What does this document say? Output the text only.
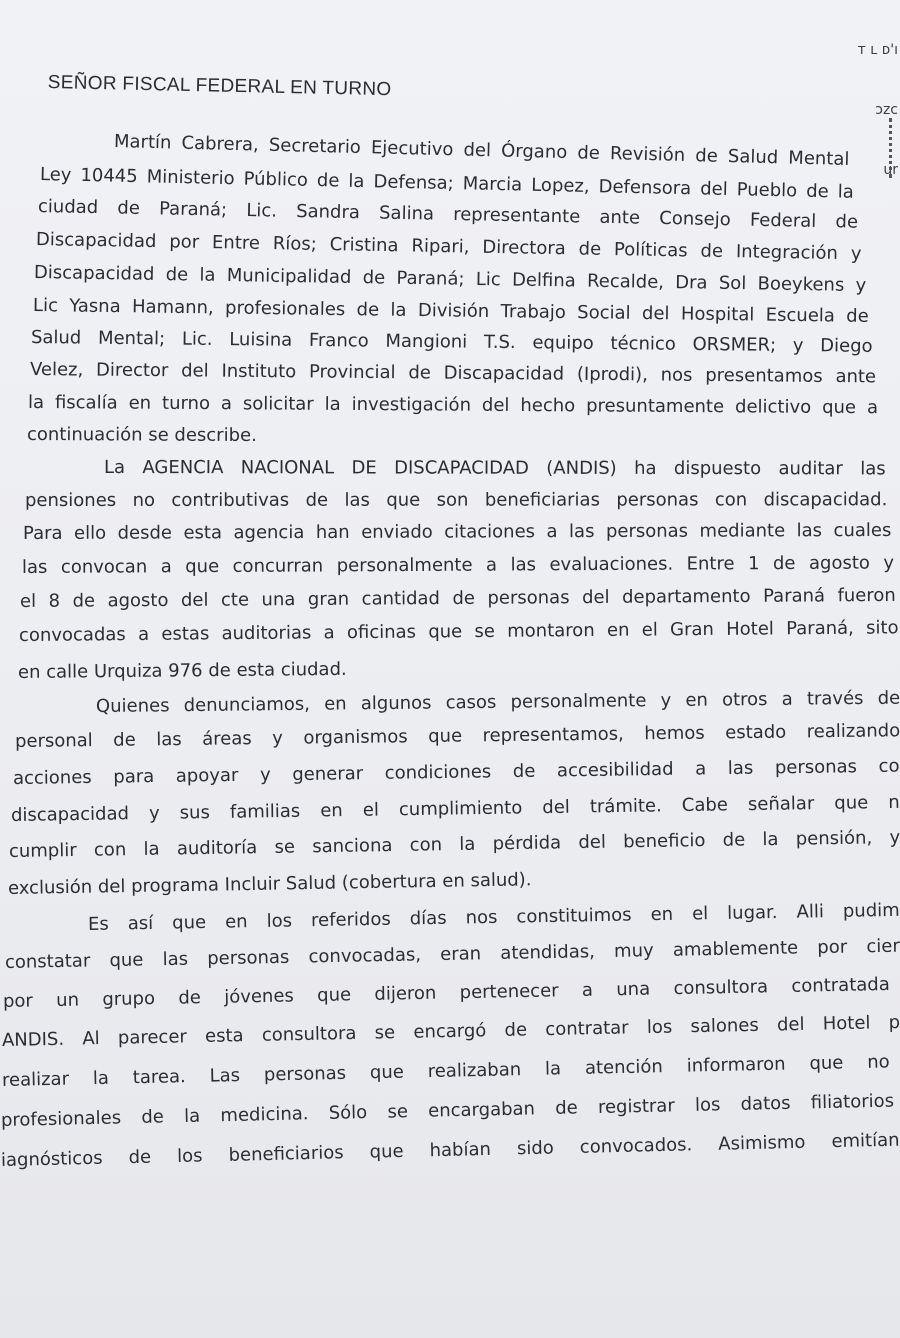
ᴛ ʟ ᴅ'ı

ɔzc

ur

SEÑOR FISCAL FEDERAL EN TURNO
Martín Cabrera, Secretario Ejecutivo del Órgano de Revisión de Salud Mental
Ley 10445 Ministerio Público de la Defensa; Marcia Lopez, Defensora del Pueblo de la
ciudad de Paraná; Lic. Sandra Salina representante ante Consejo Federal de
Discapacidad por Entre Ríos; Cristina Ripari, Directora de Políticas de Integración y
Discapacidad de la Municipalidad de Paraná; Lic Delfina Recalde, Dra Sol Boeykens y
Lic Yasna Hamann, profesionales de la División Trabajo Social del Hospital Escuela de
Salud Mental; Lic. Luisina Franco Mangioni T.S. equipo técnico ORSMER; y Diego
Velez, Director del Instituto Provincial de Discapacidad (Iprodi), nos presentamos ante
la fiscalía en turno a solicitar la investigación del hecho presuntamente delictivo que a
continuación se describe.
La AGENCIA NACIONAL DE DISCAPACIDAD (ANDIS) ha dispuesto auditar las
pensiones no contributivas de las que son beneficiarias personas con discapacidad.
Para ello desde esta agencia han enviado citaciones a las personas mediante las cuales
las convocan a que concurran personalmente a las evaluaciones. Entre 1 de agosto y
el 8 de agosto del cte una gran cantidad de personas del departamento Paraná fueron
convocadas a estas auditorias a oficinas que se montaron en el Gran Hotel Paraná, sito
en calle Urquiza 976 de esta ciudad.
Quienes denunciamos, en algunos casos personalmente y en otros a través de
personal de las áreas y organismos que representamos, hemos estado realizando
acciones para apoyar y generar condiciones de accesibilidad a las personas co
discapacidad y sus familias en el cumplimiento del trámite. Cabe señalar que n
cumplir con la auditoría se sanciona con la pérdida del beneficio de la pensión, y
exclusión del programa Incluir Salud (cobertura en salud).
Es así que en los referidos días nos constituimos en el lugar. Alli pudim
constatar que las personas convocadas, eran atendidas, muy amablemente por cier
por un grupo de jóvenes que dijeron pertenecer a una consultora contratada
ANDIS. Al parecer esta consultora se encargó de contratar los salones del Hotel p
realizar la tarea. Las personas que realizaban la atención informaron que no
profesionales de la medicina. Sólo se encargaban de registrar los datos filiatorios
iagnósticos de los beneficiarios que habían sido convocados. Asimismo emitían
